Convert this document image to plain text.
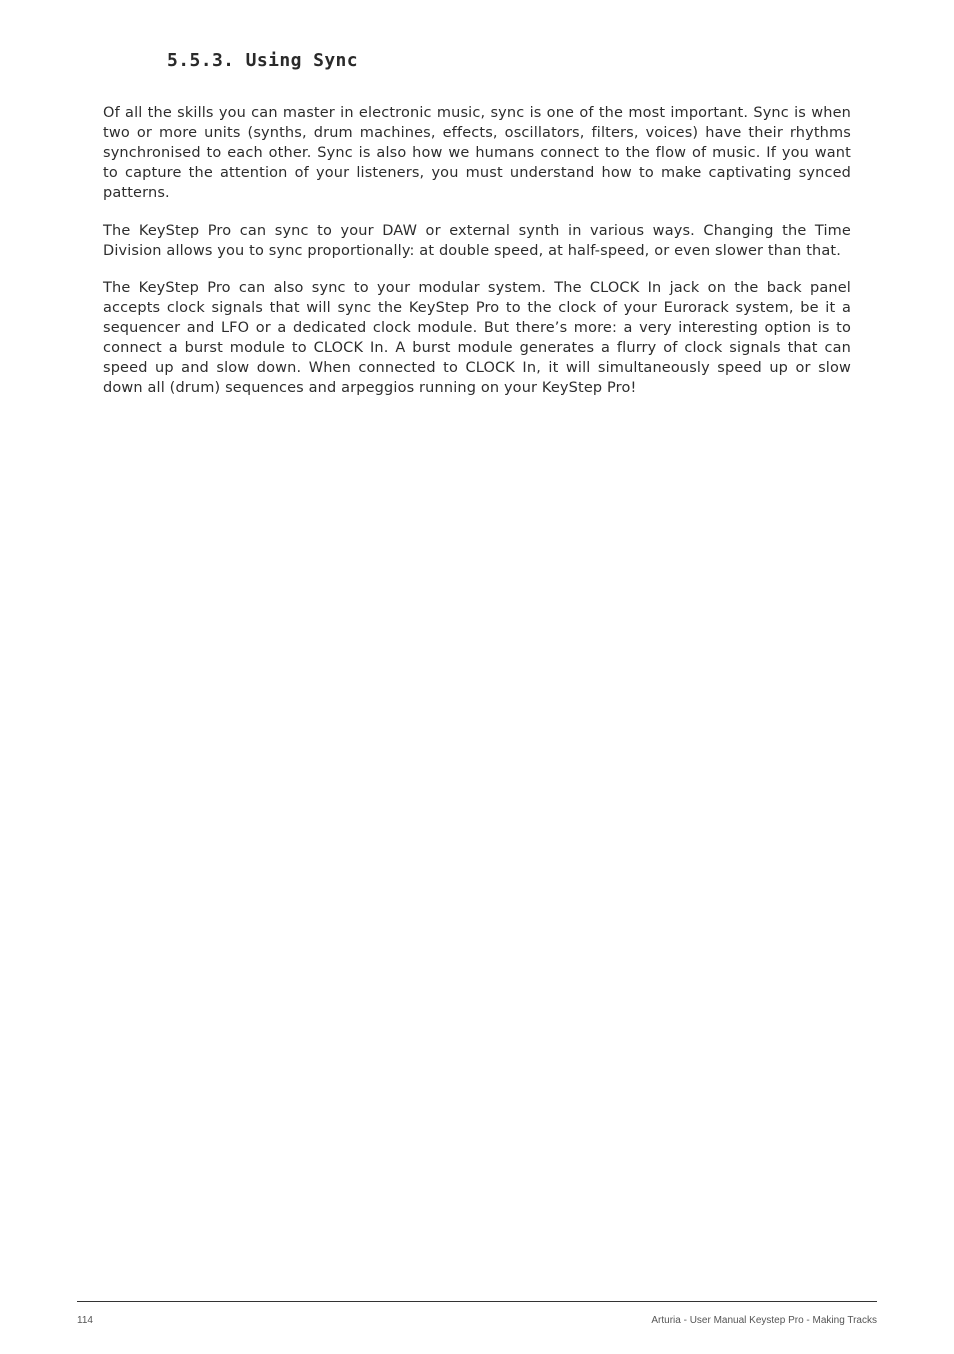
5.5.3. Using Sync

Of all the skills you can master in electronic music, sync is one of the most important. Sync is when two or more units (synths, drum machines, effects, oscillators, filters, voices) have their rhythms synchronised to each other. Sync is also how we humans connect to the flow of music. If you want to capture the attention of your listeners, you must understand how to make captivating synced patterns.

The KeyStep Pro can sync to your DAW or external synth in various ways. Changing the Time Division allows you to sync proportionally: at double speed, at half-speed, or even slower than that.

The KeyStep Pro can also sync to your modular system. The CLOCK In jack on the back panel accepts clock signals that will sync the KeyStep Pro to the clock of your Eurorack system, be it a sequencer and LFO or a dedicated clock module. But there’s more: a very interesting option is to connect a burst module to CLOCK In. A burst module generates a flurry of clock signals that can speed up and slow down. When connected to CLOCK In, it will simultaneously speed up or slow down all (drum) sequences and arpeggios running on your KeyStep Pro!

114	Arturia - User Manual Keystep Pro - Making Tracks
